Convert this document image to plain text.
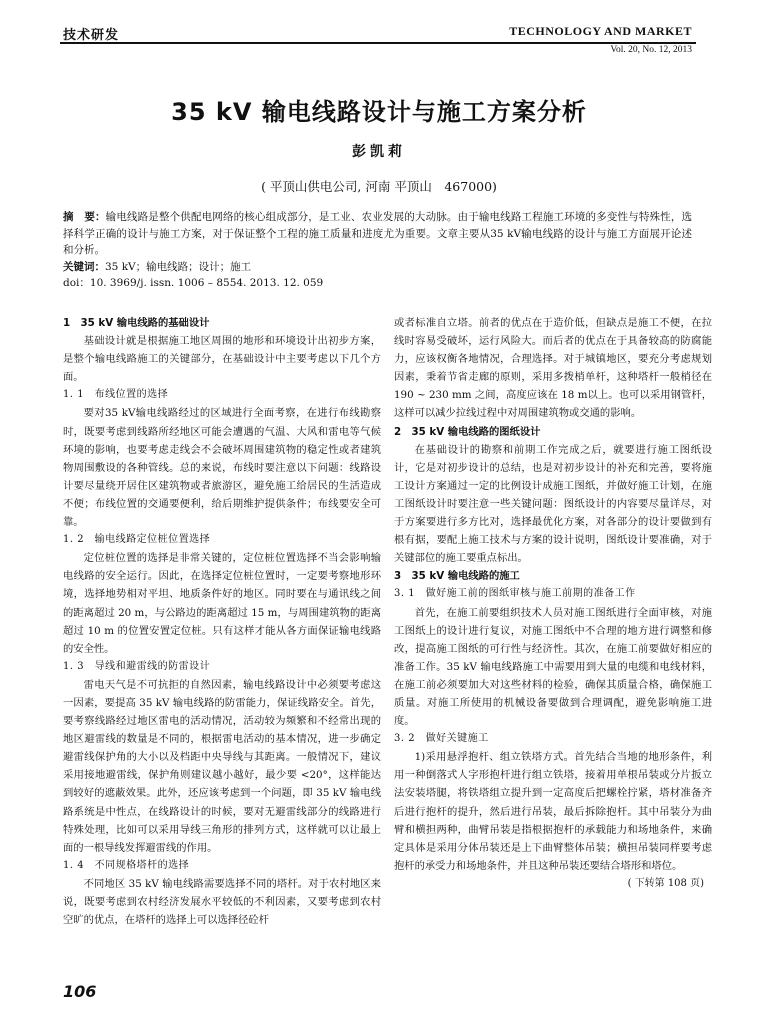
技术研发	TECHNOLOGY AND MARKET
Vol. 20, No. 12, 2013
35 kV 输电线路设计与施工方案分析
彭凯莉
( 平顶山供电公司, 河南 平顶山　467000)

摘　要：输电线路是整个供配电网络的核心组成部分，是工业、农业发展的大动脉。由于输电线路工程施工环境的多变性与特殊性，选择科学正确的设计与施工方案，对于保证整个工程的施工质量和进度尤为重要。文章主要从35 kV输电线路的设计与施工方面展开论述和分析。

关键词：35 kV；输电线路；设计；施工

doi：10. 3969/j. issn. 1006 – 8554. 2013. 12. 059

1　35 kV 输电线路的基础设计

基础设计就是根据施工地区周围的地形和环境设计出初步方案，是整个输电线路施工的关键部分，在基础设计中主要考虑以下几个方面。

1. 1　布线位置的选择

要对35 kV输电线路经过的区域进行全面考察，在进行布线勘察时，既要考虑到线路所经地区可能会遭遇的气温、大风和雷电等气候环境的影响，也要考虑走线会不会破坏周围建筑物的稳定性或者建筑物周围敷设的各种管线。总的来说，布线时要注意以下问题：线路设计要尽量绕开居住区建筑物或者旅游区，避免施工给居民的生活造成不便；布线位置的交通要便利，给后期维护提供条件；布线要安全可靠。

1. 2　输电线路定位桩位置选择

定位桩位置的选择是非常关键的，定位桩位置选择不当会影响输电线路的安全运行。因此，在选择定位桩位置时，一定要考察地形环境，选择地势相对平坦、地质条件好的地区。同时要在与通讯线之间的距离超过 20 m，与公路边的距离超过 15 m，与周围建筑物的距离超过 10 m 的位置安置定位桩。只有这样才能从各方面保证输电线路的安全性。

1. 3　导线和避雷线的防雷设计

雷电天气是不可抗拒的自然因素，输电线路设计中必须要考虑这一因素，要提高 35 kV 输电线路的防雷能力，保证线路安全。首先，要考察线路经过地区雷电的活动情况，活动较为频繁和不经常出现的地区避雷线的数量是不同的，根据雷电活动的基本情况，进一步确定避雷线保护角的大小以及档距中央导线与其距离。一般情况下，建议采用接地避雷线，保护角则建议越小越好，最少要 <20°，这样能达到较好的遮蔽效果。此外，还应该考虑到一个问题，即 35 kV 输电线路系统是中性点，在线路设计的时候，要对无避雷线部分的线路进行特殊处理，比如可以采用导线三角形的排列方式，这样就可以让最上面的一根导线发挥避雷线的作用。

1. 4　不同规格塔杆的选择

不同地区 35 kV 输电线路需要选择不同的塔杆。对于农村地区来说，既要考虑到农村经济发展水平较低的不利因素，又要考虑到农村空旷的优点，在塔杆的选择上可以选择径砼杆

或者标准自立塔。前者的优点在于造价低，但缺点是施工不便，在拉线时容易受破坏，运行风险大。而后者的优点在于具备较高的防腐能力，应该权衡各地情况，合理选择。对于城镇地区，要充分考虑规划因素，秉着节省走廊的原则，采用多拨梢单杆，这种塔杆一般梢径在 190 ~ 230 mm 之间，高度应该在 18 m以上。也可以采用钢管杆，这样可以减少拉线过程中对周围建筑物或交通的影响。

2　35 kV 输电线路的图纸设计

在基础设计的勘察和前期工作完成之后，就要进行施工图纸设计，它是对初步设计的总结，也是对初步设计的补充和完善，要将施工设计方案通过一定的比例设计成施工图纸，并做好施工计划，在施工图纸设计时要注意一些关键问题：图纸设计的内容要尽量详尽，对于方案要进行多方比对，选择最优化方案，对各部分的设计要做到有根有据，要配上施工技术与方案的设计说明，图纸设计要准确，对于关键部位的施工要重点标出。

3　35 kV 输电线路的施工

3. 1　做好施工前的图纸审核与施工前期的准备工作

首先，在施工前要组织技术人员对施工图纸进行全面审核，对施工图纸上的设计进行复议，对施工图纸中不合理的地方进行调整和修改，提高施工图纸的可行性与经济性。其次，在施工前要做好相应的准备工作。35 kV 输电线路施工中需要用到大量的电缆和电线材料，在施工前必须要加大对这些材料的检验，确保其质量合格，确保施工质量。对施工所使用的机械设备要做到合理调配，避免影响施工进度。

3. 2　做好关键施工

1)采用悬浮抱杆、组立铁塔方式。首先结合当地的地形条件，利用一种倒落式人字形抱杆进行组立铁塔，接着用单根吊装或分片扳立法安装塔腿，将铁塔组立提升到一定高度后把螺栓拧紧，塔材准备齐后进行抱杆的提升，然后进行吊装，最后拆除抱杆。其中吊装分为曲臂和横担两种，曲臂吊装是指根据抱杆的承载能力和场地条件，来确定具体是采用分体吊装还是上下曲臂整体吊装；横担吊装同样要考虑抱杆的承受力和场地条件，并且这种吊装还要结合塔形和塔位。

( 下转第 108 页)

106
